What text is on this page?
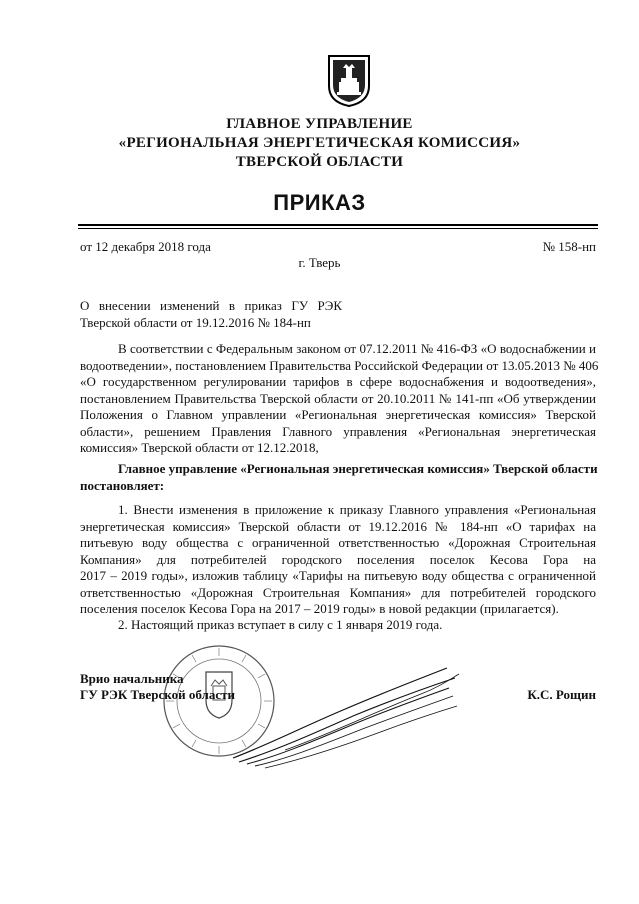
ГЛАВНОЕ УПРАВЛЕНИЕ
«РЕГИОНАЛЬНАЯ ЭНЕРГЕТИЧЕСКАЯ КОМИССИЯ»
ТВЕРСКОЙ ОБЛАСТИ
ПРИКАЗ
от 12 декабря 2018 года	№ 158-нп
г. Тверь
О внесении изменений в приказ ГУ РЭК
Тверской области от 19.12.2016 № 184-нп
В соответствии с Федеральным законом от 07.12.2011 № 416-ФЗ «О водоснабжении и
водоотведении», постановлением Правительства Российской Федерации от 13.05.2013 № 406
«О государственном регулировании тарифов в сфере водоснабжения и водоотведения»,
постановлением Правительства Тверской области от 20.10.2011 № 141-пп «Об утверждении
Положения о Главном управлении «Региональная энергетическая комиссия» Тверской
области», решением Правления Главного управления «Региональная энергетическая
комиссия» Тверской области от 12.12.2018,
Главное управление «Региональная энергетическая комиссия» Тверской области
постановляет:
1. Внести изменения в приложение к приказу Главного управления «Региональная
энергетическая комиссия» Тверской области от 19.12.2016 № 184-нп «О тарифах на
питьевую воду общества с ограниченной ответственностью «Дорожная Строительная
Компания» для потребителей городского поселения поселок Кесова Гора на
2017 – 2019 годы», изложив таблицу «Тарифы на питьевую воду общества с ограниченной
ответственностью «Дорожная Строительная Компания» для потребителей городского
поселения поселок Кесова Гора на 2017 – 2019 годы» в новой редакции (прилагается).
2. Настоящий приказ вступает в силу с 1 января 2019 года.
Врио начальника
ГУ РЭК Тверской области	К.С. Рощин
